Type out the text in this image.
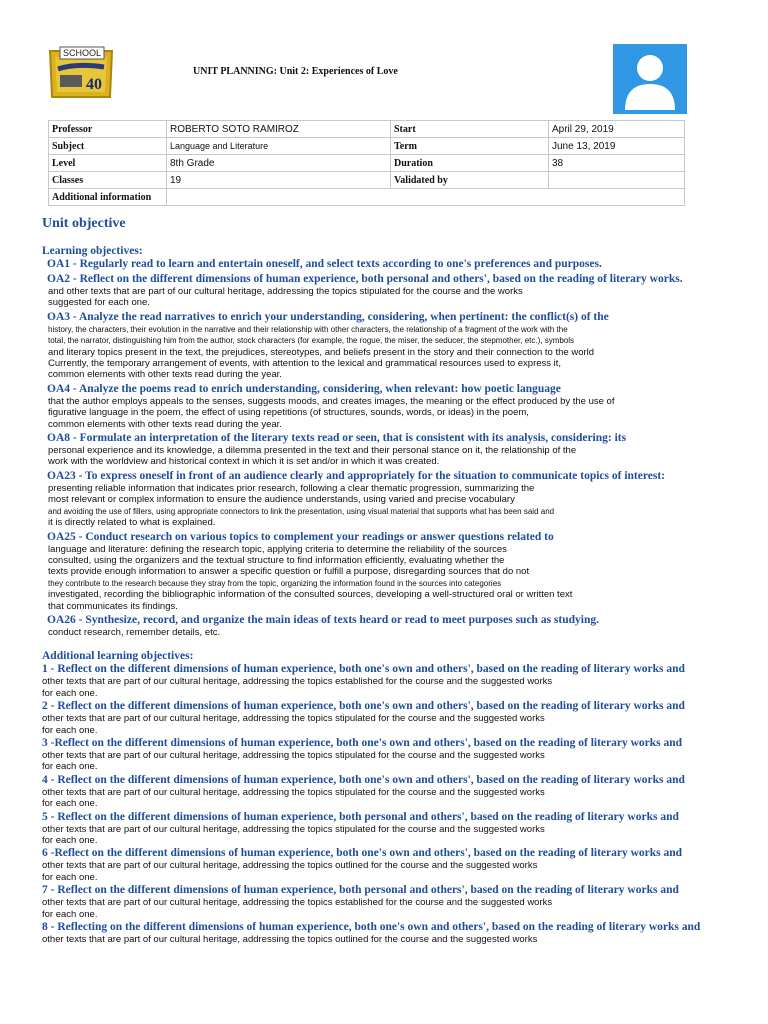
SCHOOL
40
UNIT PLANNING: Unit 2: Experiences of Love
Professor	ROBERTO SOTO RAMIROZ	Start	April 29, 2019
Subject	Language and Literature	Term	June 13, 2019
Level	8th Grade	Duration	38
Classes	19	Validated by	
Additional information			
Unit objective
Learning objectives:
OA1 - Regularly read to learn and entertain oneself, and select texts according to one's preferences and purposes.
OA2 - Reflect on the different dimensions of human experience, both personal and others', based on the reading of literary works.
and other texts that are part of our cultural heritage, addressing the topics stipulated for the course and the works
suggested for each one.
OA3 - Analyze the read narratives to enrich your understanding, considering, when pertinent: the conflict(s) of the
history, the characters, their evolution in the narrative and their relationship with other characters, the relationship of a fragment of the work with the
total, the narrator, distinguishing him from the author, stock characters (for example, the rogue, the miser, the seducer, the stepmother, etc.), symbols
and literary topics present in the text, the prejudices, stereotypes, and beliefs present in the story and their connection to the world
Currently, the temporary arrangement of events, with attention to the lexical and grammatical resources used to express it,
common elements with other texts read during the year.
OA4 - Analyze the poems read to enrich understanding, considering, when relevant: how poetic language
that the author employs appeals to the senses, suggests moods, and creates images, the meaning or the effect produced by the use of
figurative language in the poem, the effect of using repetitions (of structures, sounds, words, or ideas) in the poem,
common elements with other texts read during the year.
OA8 - Formulate an interpretation of the literary texts read or seen, that is consistent with its analysis, considering: its
personal experience and its knowledge, a dilemma presented in the text and their personal stance on it, the relationship of the
work with the worldview and historical context in which it is set and/or in which it was created.
OA23 - To express oneself in front of an audience clearly and appropriately for the situation to communicate topics of interest:
presenting reliable information that indicates prior research, following a clear thematic progression, summarizing the
most relevant or complex information to ensure the audience understands, using varied and precise vocabulary
and avoiding the use of fillers, using appropriate connectors to link the presentation, using visual material that supports what has been said and
it is directly related to what is explained.
OA25 - Conduct research on various topics to complement your readings or answer questions related to
language and literature: defining the research topic, applying criteria to determine the reliability of the sources
consulted, using the organizers and the textual structure to find information efficiently, evaluating whether the
texts provide enough information to answer a specific question or fulfill a purpose, disregarding sources that do not
they contribute to the research because they stray from the topic, organizing the information found in the sources into categories
investigated, recording the bibliographic information of the consulted sources, developing a well-structured oral or written text
that communicates its findings.
OA26 - Synthesize, record, and organize the main ideas of texts heard or read to meet purposes such as studying.
conduct research, remember details, etc.
Additional learning objectives:
1 - Reflect on the different dimensions of human experience, both one's own and others', based on the reading of literary works and
other texts that are part of our cultural heritage, addressing the topics established for the course and the suggested works
for each one.
2 - Reflect on the different dimensions of human experience, both one's own and others', based on the reading of literary works and
other texts that are part of our cultural heritage, addressing the topics stipulated for the course and the suggested works
for each one.
3 -Reflect on the different dimensions of human experience, both one's own and others', based on the reading of literary works and
other texts that are part of our cultural heritage, addressing the topics stipulated for the course and the suggested works
for each one.
4 - Reflect on the different dimensions of human experience, both one's own and others', based on the reading of literary works and
other texts that are part of our cultural heritage, addressing the topics stipulated for the course and the suggested works
for each one.
5 - Reflect on the different dimensions of human experience, both personal and others', based on the reading of literary works and
other texts that are part of our cultural heritage, addressing the topics stipulated for the course and the suggested works
for each one.
6 -Reflect on the different dimensions of human experience, both one's own and others', based on the reading of literary works and
other texts that are part of our cultural heritage, addressing the topics outlined for the course and the suggested works
for each one.
7 - Reflect on the different dimensions of human experience, both personal and others', based on the reading of literary works and
other texts that are part of our cultural heritage, addressing the topics established for the course and the suggested works
for each one.
8 - Reflecting on the different dimensions of human experience, both one's own and others', based on the reading of literary works and
other texts that are part of our cultural heritage, addressing the topics outlined for the course and the suggested works
